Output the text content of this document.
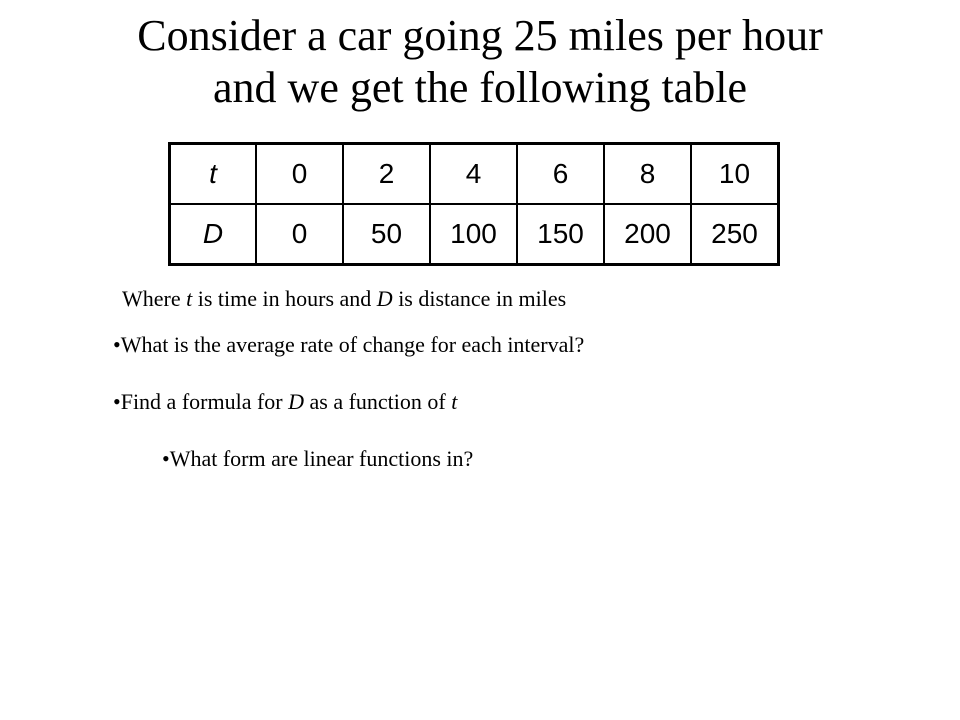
Consider a car going 25 miles per hour
and we get the following table
t	0	2	4	6	8	10
D	0	50	100	150	200	250
Where t is time in hours and D is distance in miles
•What is the average rate of change for each interval?
•Find a formula for D as a function of t
•What form are linear functions in?
